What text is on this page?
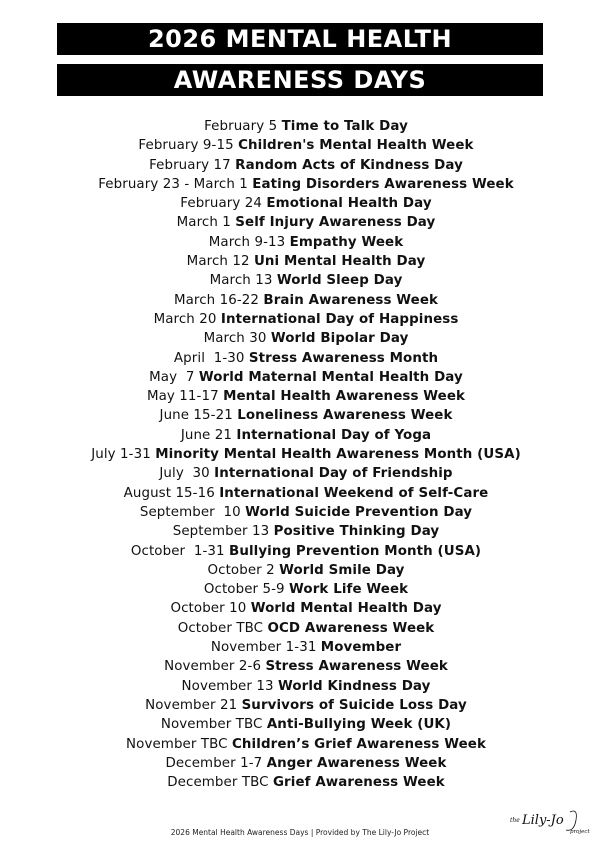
2026 MENTAL HEALTH
AWARENESS DAYS
February 5 Time to Talk Day
February 9-15 Children's Mental Health Week
February 17 Random Acts of Kindness Day
February 23 - March 1 Eating Disorders Awareness Week
February 24 Emotional Health Day
March 1 Self Injury Awareness Day
March 9-13 Empathy Week
March 12 Uni Mental Health Day
March 13 World Sleep Day
March 16-22 Brain Awareness Week
March 20 International Day of Happiness
March 30 World Bipolar Day
April  1-30 Stress Awareness Month
May  7 World Maternal Mental Health Day
May 11-17 Mental Health Awareness Week
June 15-21 Loneliness Awareness Week
June 21 International Day of Yoga
July 1-31 Minority Mental Health Awareness Month (USA)
July  30 International Day of Friendship
August 15-16 International Weekend of Self-Care
September  10 World Suicide Prevention Day
September 13 Positive Thinking Day
October  1-31 Bullying Prevention Month (USA)
October 2 World Smile Day
October 5-9 Work Life Week
October 10 World Mental Health Day
October TBC OCD Awareness Week
November 1-31 Movember
November 2-6 Stress Awareness Week
November 13 World Kindness Day
November 21 Survivors of Suicide Loss Day
November TBC Anti-Bullying Week (UK)
November TBC Children’s Grief Awareness Week
December 1-7 Anger Awareness Week
December TBC Grief Awareness Week
2026 Mental Health Awareness Days | Provided by The Lily-Jo Project
the Lily-Jo
project
